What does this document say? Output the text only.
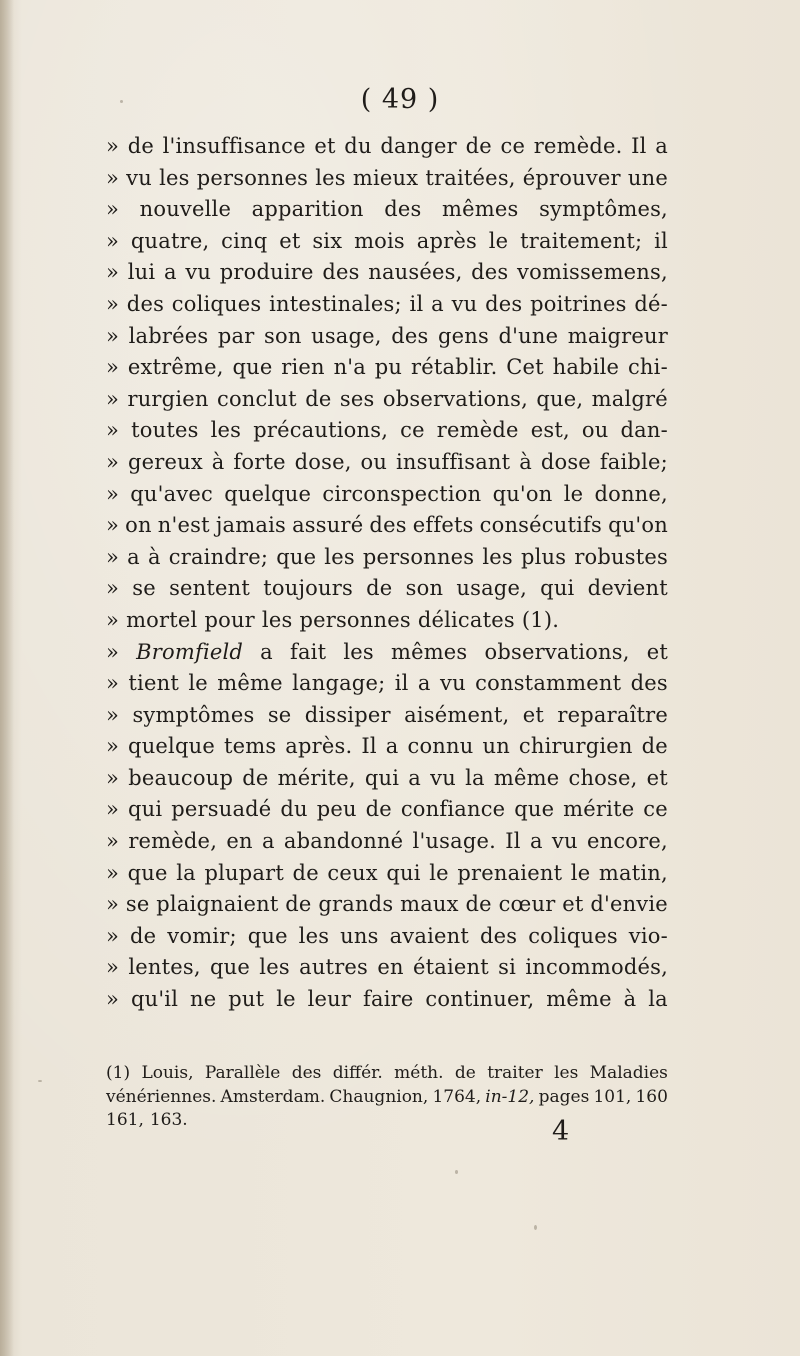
( 49 )
» de l'insuffisance et du danger de ce remède. Il a
» vu les personnes les mieux traitées, éprouver une
» nouvelle apparition des mêmes symptômes,
» quatre, cinq et six mois après le traitement; il
» lui a vu produire des nausées, des vomissemens,
» des coliques intestinales; il a vu des poitrines dé-
» labrées par son usage, des gens d'une maigreur
» extrême, que rien n'a pu rétablir. Cet habile chi-
» rurgien conclut de ses observations, que, malgré
» toutes les précautions, ce remède est, ou dan-
» gereux à forte dose, ou insuffisant à dose faible;
» qu'avec quelque circonspection qu'on le donne,
» on n'est jamais assuré des effets consécutifs qu'on
» a à craindre; que les personnes les plus robustes
» se sentent toujours de son usage, qui devient
» mortel pour les personnes délicates (1).
» Bromfield a fait les mêmes observations, et
» tient le même langage; il a vu constamment des
» symptômes se dissiper aisément, et reparaître
» quelque tems après. Il a connu un chirurgien de
» beaucoup de mérite, qui a vu la même chose, et
» qui persuadé du peu de confiance que mérite ce
» remède, en a abandonné l'usage. Il a vu encore,
» que la plupart de ceux qui le prenaient le matin,
» se plaignaient de grands maux de cœur et d'envie
» de vomir; que les uns avaient des coliques vio-
» lentes, que les autres en étaient si incommodés,
» qu'il ne put le leur faire continuer, même à la
(1) Louis, Parallèle des différ. méth. de traiter les Maladies
vénériennes. Amsterdam. Chaugnion, 1764, in-12, pages 101, 160
161, 163.	4
